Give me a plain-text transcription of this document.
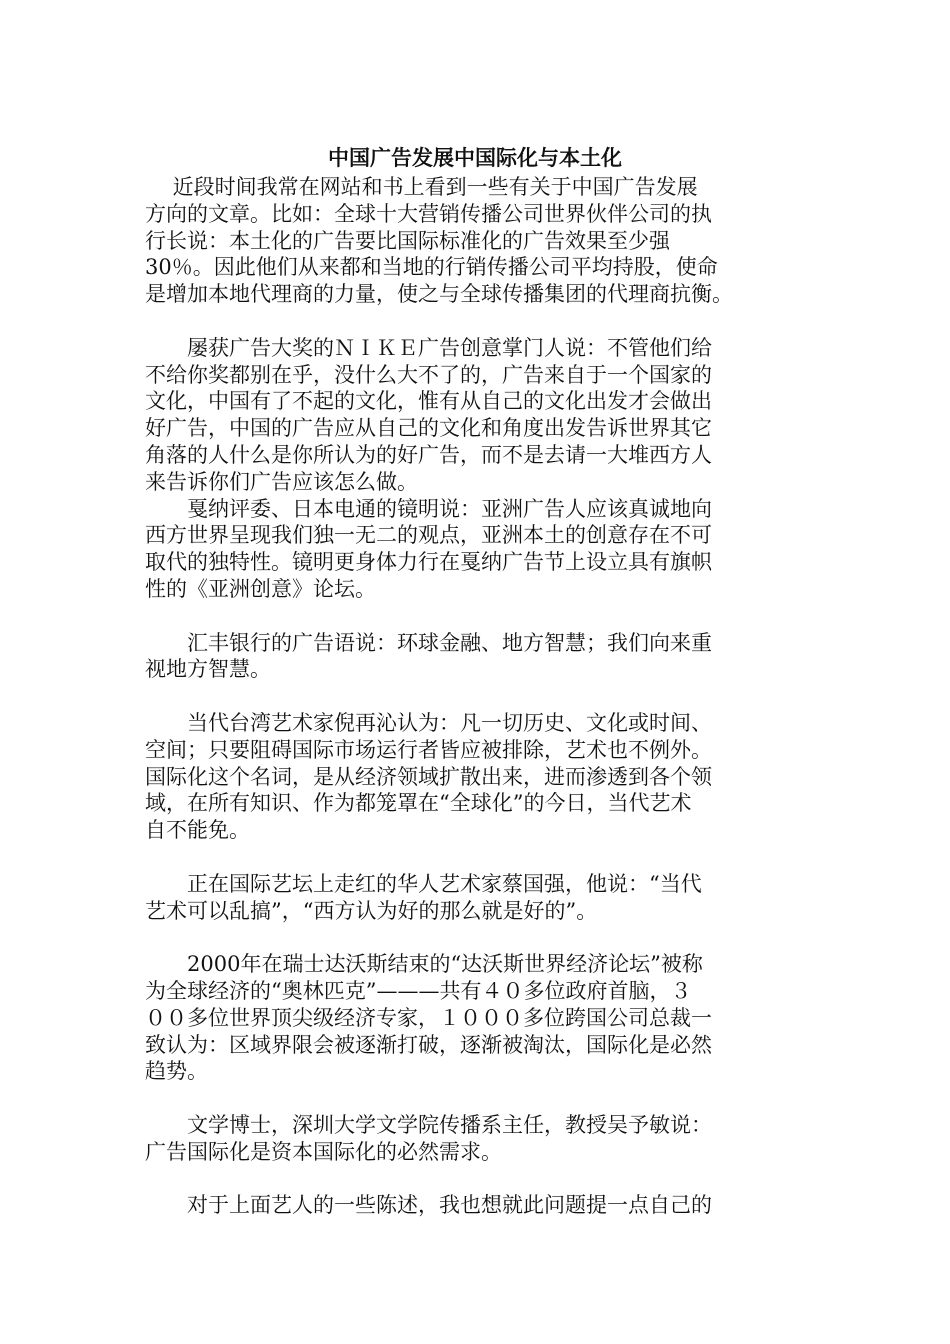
中国广告发展中国际化与本土化

　 近段时间我常在网站和书上看到一些有关于中国广告发展
方向的文章。比如：全球十大营销传播公司世界伙伴公司的执
行长说：本土化的广告要比国际标准化的广告效果至少强
30％。因此他们从来都和当地的行销传播公司平均持股，使命
是增加本地代理商的力量，使之与全球传播集团的代理商抗衡。

　　屡获广告大奖的ＮＩＫＥ广告创意掌门人说：不管他们给
不给你奖都别在乎，没什么大不了的，广告来自于一个国家的
文化，中国有了不起的文化，惟有从自己的文化出发才会做出
好广告，中国的广告应从自己的文化和角度出发告诉世界其它
角落的人什么是你所认为的好广告，而不是去请一大堆西方人
来告诉你们广告应该怎么做。

　　戛纳评委、日本电通的镜明说：亚洲广告人应该真诚地向
西方世界呈现我们独一无二的观点，亚洲本土的创意存在不可
取代的独特性。镜明更身体力行在戛纳广告节上设立具有旗帜
性的《亚洲创意》论坛。

　　汇丰银行的广告语说：环球金融、地方智慧；我们向来重
视地方智慧。

　　当代台湾艺术家倪再沁认为：凡一切历史、文化或时间、
空间；只要阻碍国际市场运行者皆应被排除，艺术也不例外。
国际化这个名词，是从经济领域扩散出来，进而渗透到各个领
域，在所有知识、作为都笼罩在“全球化”的今日，当代艺术
自不能免。

　　正在国际艺坛上走红的华人艺术家蔡国强，他说：“当代
艺术可以乱搞”，“西方认为好的那么就是好的”。

　　2000年在瑞士达沃斯结束的“达沃斯世界经济论坛”被称
为全球经济的“奥林匹克”———共有４０多位政府首脑，３
００多位世界顶尖级经济专家，１０００多位跨国公司总裁一
致认为：区域界限会被逐渐打破，逐渐被淘汰，国际化是必然
趋势。

　　文学博士，深圳大学文学院传播系主任，教授吴予敏说：
广告国际化是资本国际化的必然需求。

　　对于上面艺人的一些陈述，我也想就此问题提一点自己的
